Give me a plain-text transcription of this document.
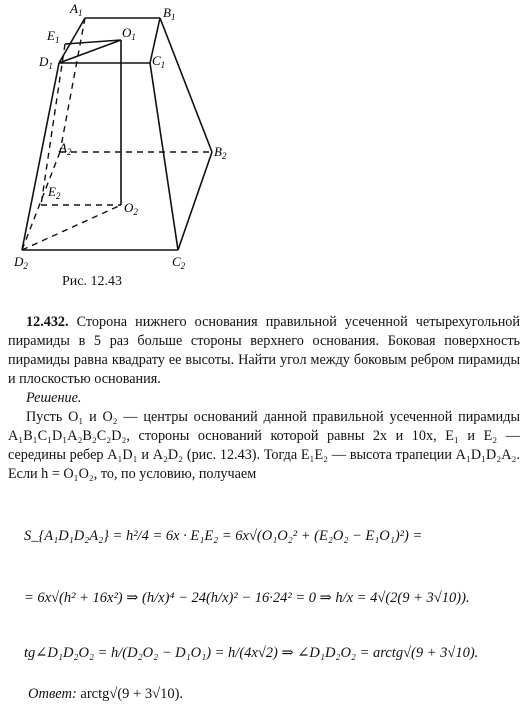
$A_1$	$B_1$
$C_1$
$D_1$
$E_1$	$O_1$
$A_2$	$B_2$
$C_2$
$D_2$
$E_2$
$O_2$
Рис. 12.43

12.432. Сторона нижнего основания правильной усеченной четырехугольной пирамиды в 5 раз больше стороны верхнего основания. Боковая поверхность пирамиды равна квадрату ее высоты. Найти угол между боковым ребром пирамиды и плоскостью основания.

Решение.

Пусть O₁ и O₂ — центры оснований данной правильной усеченной пирамиды A₁B₁C₁D₁A₂B₂C₂D₂, стороны оснований которой равны 2x и 10x, E₁ и E₂ — середины ребер A₁D₁ и A₂D₂ (рис. 12.43). Тогда E₁E₂ — высота трапеции A₁D₁D₂A₂. Если h = O₁O₂, то, по условию, получаем

S_{A₁D₁D₂A₂} = h²/4 = 6x · E₁E₂ = 6x√(O₁O₂² + (E₂O₂ − E₁O₁)²) =
= 6x√(h² + 16x²) ⇒ (h/x)⁴ − 24(h/x)² − 16·24² = 0 ⇒ h/x = 4√(2(9 + 3√10)).
tg∠D₁D₂O₂ = h/(D₂O₂ − D₁O₁) = h/(4x√2) ⇒ ∠D₁D₂O₂ = arctg√(9 + 3√10).
Ответ: arctg√(9 + 3√10).
